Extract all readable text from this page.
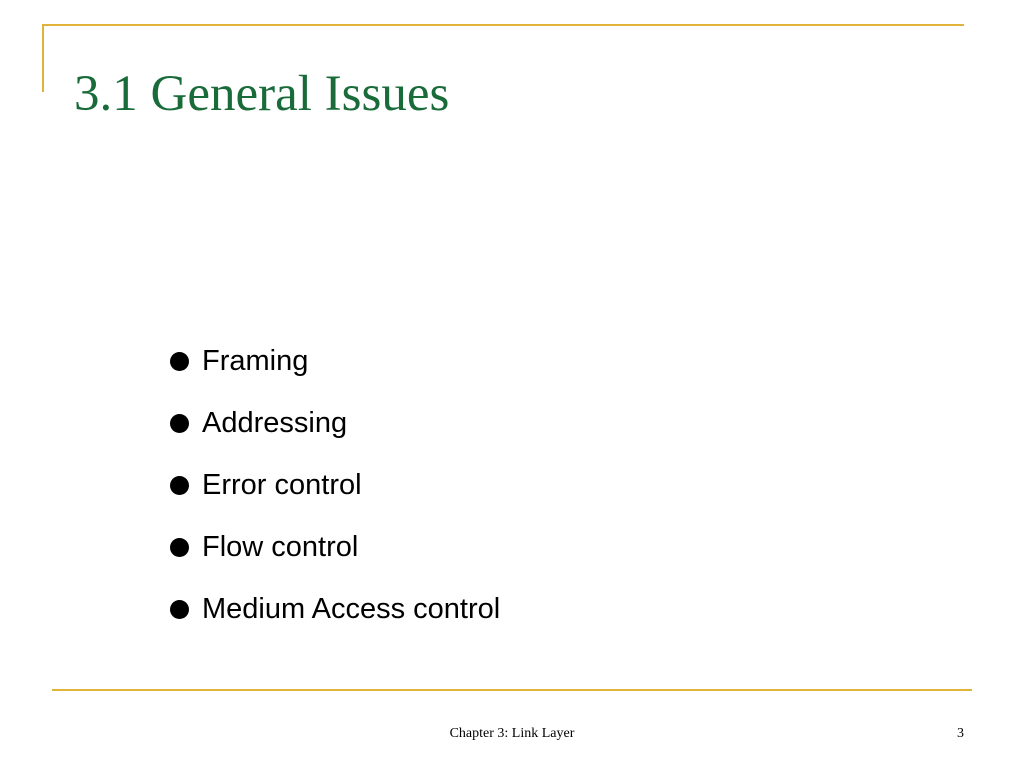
3.1 General Issues
Framing
Addressing
Error control
Flow control
Medium Access control
Chapter 3: Link Layer	3
